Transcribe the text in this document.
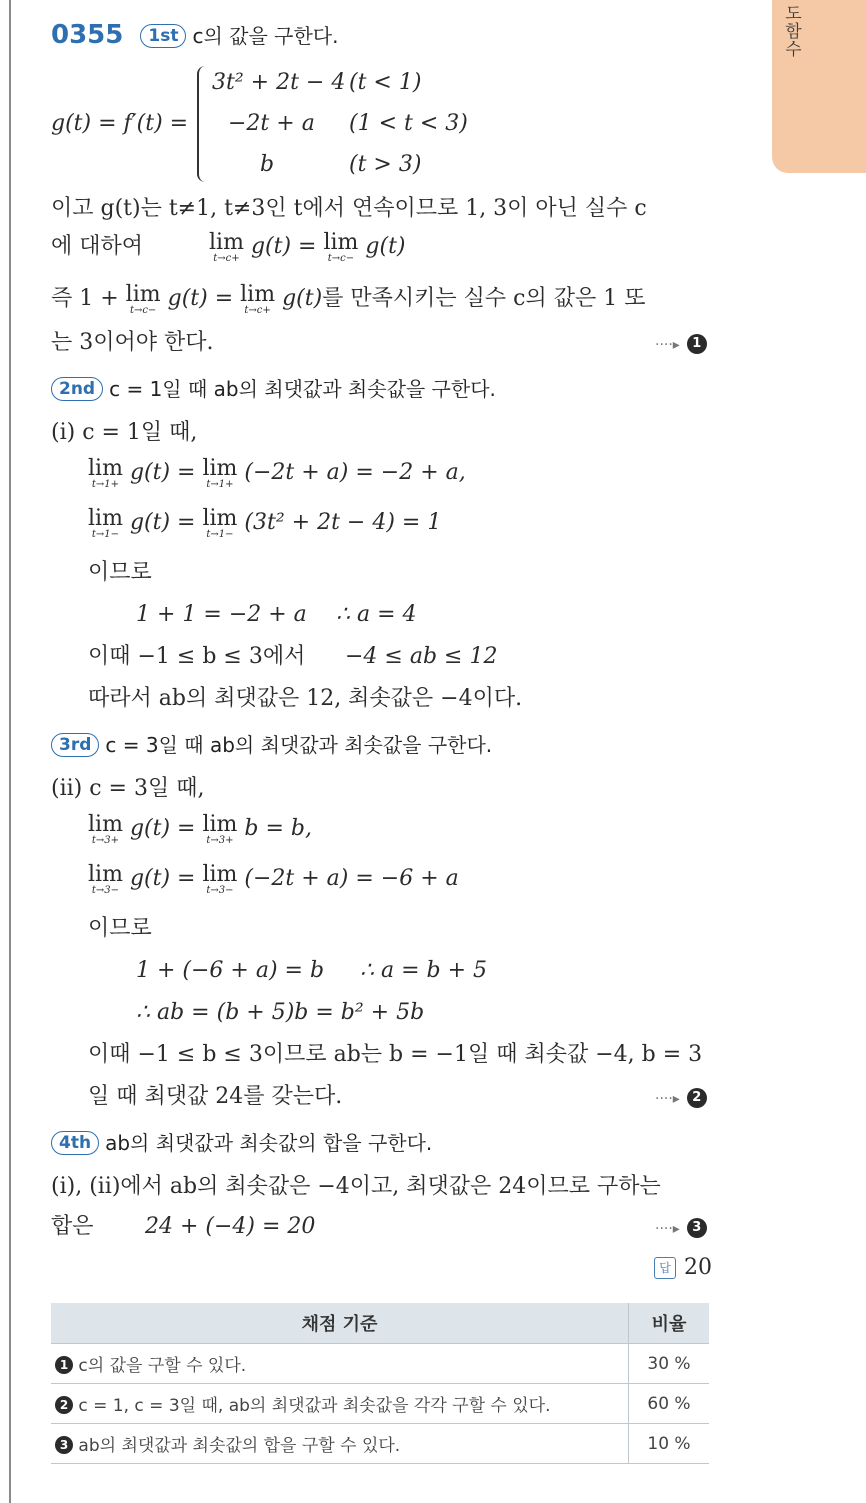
도함수
0355 1st c의 값을 구한다.
g(t) = f′(t) =
3t² + 2t − 4 (t < 1)
−2t + a (1 < t < 3)
b	(t > 3)
이고 g(t)는 t≠1, t≠3인 t에서 연속이므로 1, 3이 아닌 실수 c
에 대하여	lim
t→c+ g(t) = lim
t→c− g(t)
즉 1 + lim
t→c− g(t) = lim
t→c+ g(t)를 만족시키는 실수 c의 값은 1 또
는 3이어야 한다.	····▸ 1
2nd c = 1일 때 ab의 최댓값과 최솟값을 구한다.
(ⅰ) c = 1일 때,
lim
t→1+ g(t) = lim
t→1+ (−2t + a) = −2 + a,
lim
t→1− g(t) = lim
t→1− (3t² + 2t − 4) = 1
이므로
1 + 1 = −2 + a ∴ a = 4
이때 −1 ≤ b ≤ 3에서 −4 ≤ ab ≤ 12
따라서 ab의 최댓값은 12, 최솟값은 −4이다.
3rd c = 3일 때 ab의 최댓값과 최솟값을 구한다.
(ⅱ) c = 3일 때,
lim
t→3+ g(t) = lim
t→3+ b = b,
lim
t→3− g(t) = lim
t→3− (−2t + a) = −6 + a
이므로
1 + (−6 + a) = b ∴ a = b + 5
∴ ab = (b + 5)b = b² + 5b
이때 −1 ≤ b ≤ 3이므로 ab는 b = −1일 때 최솟값 −4, b = 3
일 때 최댓값 24를 갖는다.	····▸ 2
4th ab의 최댓값과 최솟값의 합을 구한다.
(ⅰ), (ⅱ)에서 ab의 최솟값은 −4이고, 최댓값은 24이므로 구하는
합은 24 + (−4) = 20	····▸ 3
답 20
채점 기준	비율
1 c의 값을 구할 수 있다.	30 %
2 c = 1, c = 3일 때, ab의 최댓값과 최솟값을 각각 구할 수 있다.	60 %
3 ab의 최댓값과 최솟값의 합을 구할 수 있다.	10 %
